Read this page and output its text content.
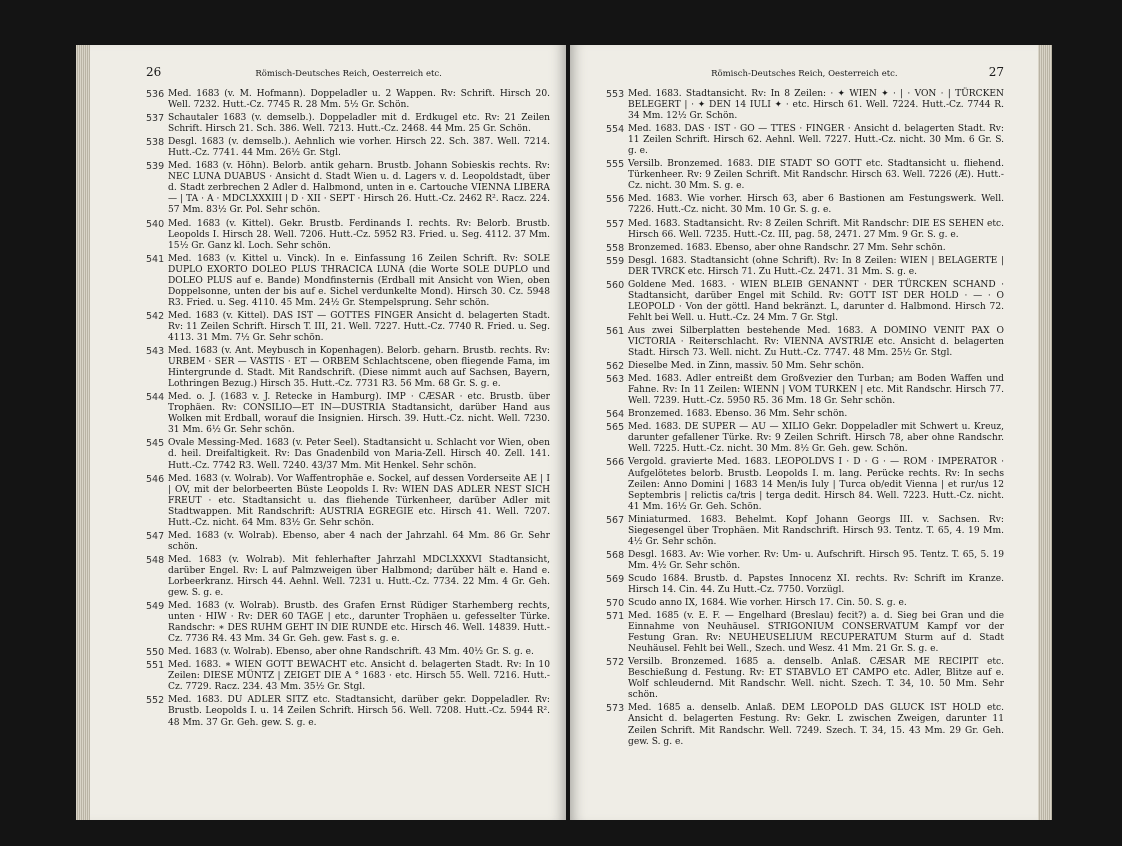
26	Römisch-Deutsches Reich, Oesterreich etc.
536 Med. 1683 (v. M. Hofmann). Doppeladler u. 2 Wappen. Rv: Schrift. Hirsch 20. Well. 7232. Hutt.-Cz. 7745 R. 28 Mm. 5½ Gr. Schön.
537 Schautaler 1683 (v. demselb.). Doppeladler mit d. Erdkugel etc. Rv: 21 Zeilen Schrift. Hirsch 21. Sch. 386. Well. 7213. Hutt.-Cz. 2468. 44 Mm. 25 Gr. Schön.
538 Desgl. 1683 (v. demselb.). Aehnlich wie vorher. Hirsch 22. Sch. 387. Well. 7214. Hutt.-Cz. 7741. 44 Mm. 26½ Gr. Stgl.
539 Med. 1683 (v. Höhn). Belorb. antik geharn. Brustb. Johann Sobieskis rechts. Rv: NEC LUNA DUABUS · Ansicht d. Stadt Wien u. d. Lagers v. d. Leopoldstadt, über d. Stadt zerbrechen 2 Adler d. Halbmond, unten in e. Cartouche VIENNA LIBERA — | TA · A · MDCLXXXIII | D · XII · SEPT · Hirsch 26. Hutt.-Cz. 2462 R². Racz. 224. 57 Mm. 83½ Gr. Pol. Sehr schön.
540 Med. 1683 (v. Kittel). Gekr. Brustb. Ferdinands I. rechts. Rv: Belorb. Brustb. Leopolds I. Hirsch 28. Well. 7206. Hutt.-Cz. 5952 R3. Fried. u. Seg. 4112. 37 Mm. 15½ Gr. Ganz kl. Loch. Sehr schön.
541 Med. 1683 (v. Kittel u. Vinck). In e. Einfassung 16 Zeilen Schrift. Rv: SOLE DUPLO EXORTO DOLEO PLUS THRACICA LUNA (die Worte SOLE DUPLO und DOLEO PLUS auf e. Bande) Mondfinsternis (Erdball mit Ansicht von Wien, oben Doppelsonne, unten der bis auf e. Sichel verdunkelte Mond). Hirsch 30. Cz. 5948 R3. Fried. u. Seg. 4110. 45 Mm. 24½ Gr. Stempelsprung. Sehr schön.
542 Med. 1683 (v. Kittel). DAS IST — GOTTES FINGER Ansicht d. belagerten Stadt. Rv: 11 Zeilen Schrift. Hirsch T. III, 21. Well. 7227. Hutt.-Cz. 7740 R. Fried. u. Seg. 4113. 31 Mm. 7½ Gr. Sehr schön.
543 Med. 1683 (v. Ant. Meybusch in Kopenhagen). Belorb. geharn. Brustb. rechts. Rv: URBEM · SER — VASTIS · ET — ORBEM Schlachtscene, oben fliegende Fama, im Hintergrunde d. Stadt. Mit Randschrift. (Diese nimmt auch auf Sachsen, Bayern, Lothringen Bezug.) Hirsch 35. Hutt.-Cz. 7731 R3. 56 Mm. 68 Gr. S. g. e.
544 Med. o. J. (1683 v. J. Retecke in Hamburg). IMP · CÆSAR · etc. Brustb. über Trophäen. Rv: CONSILIO—ET IN—DUSTRIA Stadtansicht, darüber Hand aus Wolken mit Erdball, worauf die Insignien. Hirsch. 39. Hutt.-Cz. nicht. Well. 7230. 31 Mm. 6½ Gr. Sehr schön.
545 Ovale Messing-Med. 1683 (v. Peter Seel). Stadtansicht u. Schlacht vor Wien, oben d. heil. Dreifaltigkeit. Rv: Das Gnadenbild von Maria-Zell. Hirsch 40. Zell. 141. Hutt.-Cz. 7742 R3. Well. 7240. 43/37 Mm. Mit Henkel. Sehr schön.
546 Med. 1683 (v. Wolrab). Vor Waffentrophäe e. Sockel, auf dessen Vorderseite AE | I | OV, mit der belorbeerten Büste Leopolds I. Rv: WIEN DAS ADLER NEST SICH FREUT · etc. Stadtansicht u. das fliehende Türkenheer, darüber Adler mit Stadtwappen. Mit Randschrift: AUSTRIA EGREGIE etc. Hirsch 41. Well. 7207. Hutt.-Cz. nicht. 64 Mm. 83½ Gr. Sehr schön.
547 Med. 1683 (v. Wolrab). Ebenso, aber 4 nach der Jahrzahl. 64 Mm. 86 Gr. Sehr schön.
548 Med. 1683 (v. Wolrab). Mit fehlerhafter Jahrzahl MDCLXXXVI Stadtansicht, darüber Engel. Rv: L auf Palmzweigen über Halbmond; darüber hält e. Hand e. Lorbeerkranz. Hirsch 44. Aehnl. Well. 7231 u. Hutt.-Cz. 7734. 22 Mm. 4 Gr. Geh. gew. S. g. e.
549 Med. 1683 (v. Wolrab). Brustb. des Grafen Ernst Rüdiger Starhemberg rechts, unten · HIW · Rv: DER 60 TAGE | etc., darunter Trophäen u. gefesselter Türke. Randschr: ∗ DES RUHM GEHT IN DIE RUNDE etc. Hirsch 46. Well. 14839. Hutt.-Cz. 7736 R4. 43 Mm. 34 Gr. Geh. gew. Fast s. g. e.
550 Med. 1683 (v. Wolrab). Ebenso, aber ohne Randschrift. 43 Mm. 40½ Gr. S. g. e.
551 Med. 1683. ∗ WIEN GOTT BEWACHT etc. Ansicht d. belagerten Stadt. Rv: In 10 Zeilen: DIESE MÜNTZ | ZEIGET DIE A ° 1683 · etc. Hirsch 55. Well. 7216. Hutt.-Cz. 7729. Racz. 234. 43 Mm. 35½ Gr. Stgl.
552 Med. 1683. DU ADLER SITZ etc. Stadtansicht, darüber gekr. Doppeladler. Rv: Brustb. Leopolds I. u. 14 Zeilen Schrift. Hirsch 56. Well. 7208. Hutt.-Cz. 5944 R². 48 Mm. 37 Gr. Geh. gew. S. g. e.
Römisch-Deutsches Reich, Oesterreich etc.	27
553 Med. 1683. Stadtansicht. Rv: In 8 Zeilen: · ✦ WIEN ✦ · | · VON · | TÜRCKEN BELEGERT | · ✦ DEN 14 IULI ✦ · etc. Hirsch 61. Well. 7224. Hutt.-Cz. 7744 R. 34 Mm. 12½ Gr. Schön.
554 Med. 1683. DAS · IST · GO — TTES · FINGER · Ansicht d. belagerten Stadt. Rv: 11 Zeilen Schrift. Hirsch 62. Aehnl. Well. 7227. Hutt.-Cz. nicht. 30 Mm. 6 Gr. S. g. e.
555 Versilb. Bronzemed. 1683. DIE STADT SO GOTT etc. Stadtansicht u. fliehend. Türkenheer. Rv: 9 Zeilen Schrift. Mit Randschr. Hirsch 63. Well. 7226 (Æ). Hutt.-Cz. nicht. 30 Mm. S. g. e.
556 Med. 1683. Wie vorher. Hirsch 63, aber 6 Bastionen am Festungswerk. Well. 7226. Hutt.-Cz. nicht. 30 Mm. 10 Gr. S. g. e.
557 Med. 1683. Stadtansicht. Rv: 8 Zeilen Schrift. Mit Randschr: DIE ES SEHEN etc. Hirsch 66. Well. 7235. Hutt.-Cz. III, pag. 58, 2471. 27 Mm. 9 Gr. S. g. e.
558 Bronzemed. 1683. Ebenso, aber ohne Randschr. 27 Mm. Sehr schön.
559 Desgl. 1683. Stadtansicht (ohne Schrift). Rv: In 8 Zeilen: WIEN | BELAGERTE | DER TVRCK etc. Hirsch 71. Zu Hutt.-Cz. 2471. 31 Mm. S. g. e.
560 Goldene Med. 1683. · WIEN BLEIB GENANNT · DER TÜRCKEN SCHAND · Stadtansicht, darüber Engel mit Schild. Rv: GOTT IST DER HOLD · — · O LEOPOLD · Von der göttl. Hand bekränzt. L, darunter d. Halbmond. Hirsch 72. Fehlt bei Well. u. Hutt.-Cz. 24 Mm. 7 Gr. Stgl.
561 Aus zwei Silberplatten bestehende Med. 1683. A DOMINO VENIT PAX O VICTORIA · Reiterschlacht. Rv: VIENNA AVSTRIÆ etc. Ansicht d. belagerten Stadt. Hirsch 73. Well. nicht. Zu Hutt.-Cz. 7747. 48 Mm. 25½ Gr. Stgl.
562 Dieselbe Med. in Zinn, massiv. 50 Mm. Sehr schön.
563 Med. 1683. Adler entreißt dem Großvezier den Turban; am Boden Waffen und Fahne. Rv: In 11 Zeilen: WIENN | VOM TURKEN | etc. Mit Randschr. Hirsch 77. Well. 7239. Hutt.-Cz. 5950 R5. 36 Mm. 18 Gr. Sehr schön.
564 Bronzemed. 1683. Ebenso. 36 Mm. Sehr schön.
565 Med. 1683. DE SUPER — AU — XILIO Gekr. Doppeladler mit Schwert u. Kreuz, darunter gefallener Türke. Rv: 9 Zeilen Schrift. Hirsch 78, aber ohne Randschr. Well. 7225. Hutt.-Cz. nicht. 30 Mm. 8½ Gr. Geh. gew. Schön.
566 Vergold. gravierte Med. 1683. LEOPOLDVS I · D · G · — ROM · IMPERATOR · Aufgelötetes belorb. Brustb. Leopolds I. m. lang. Perücke rechts. Rv: In sechs Zeilen: Anno Domini | 1683 14 Men/is Iuly | Turca ob/edit Vienna | et rur/us 12 Septembris | relictis ca/tris | terga dedit. Hirsch 84. Well. 7223. Hutt.-Cz. nicht. 41 Mm. 16½ Gr. Geh. Schön.
567 Miniaturmed. 1683. Behelmt. Kopf Johann Georgs III. v. Sachsen. Rv: Siegesengel über Trophäen. Mit Randschrift. Hirsch 93. Tentz. T. 65, 4. 19 Mm. 4½ Gr. Sehr schön.
568 Desgl. 1683. Av: Wie vorher. Rv: Um- u. Aufschrift. Hirsch 95. Tentz. T. 65, 5. 19 Mm. 4½ Gr. Sehr schön.
569 Scudo 1684. Brustb. d. Papstes Innocenz XI. rechts. Rv: Schrift im Kranze. Hirsch 14. Cin. 44. Zu Hutt.-Cz. 7750. Vorzügl.
570 Scudo anno IX, 1684. Wie vorher. Hirsch 17. Cin. 50. S. g. e.
571 Med. 1685 (v. E. F. — Engelhard (Breslau) fecit?) a. d. Sieg bei Gran und die Einnahme von Neuhäusel. STRIGONIUM CONSERVATUM Kampf vor der Festung Gran. Rv: NEUHEUSELIUM RECUPERATUM Sturm auf d. Stadt Neuhäusel. Fehlt bei Well., Szech. und Wesz. 41 Mm. 21 Gr. S. g. e.
572 Versilb. Bronzemed. 1685 a. denselb. Anlaß. CÆSAR ME RECIPIT etc. Beschießung d. Festung. Rv: ET STABVLO ET CAMPO etc. Adler, Blitze auf e. Wolf schleudernd. Mit Randschr. Well. nicht. Szech. T. 34, 10. 50 Mm. Sehr schön.
573 Med. 1685 a. denselb. Anlaß. DEM LEOPOLD DAS GLUCK IST HOLD etc. Ansicht d. belagerten Festung. Rv: Gekr. L zwischen Zweigen, darunter 11 Zeilen Schrift. Mit Randschr. Well. 7249. Szech. T. 34, 15. 43 Mm. 29 Gr. Geh. gew. S. g. e.
